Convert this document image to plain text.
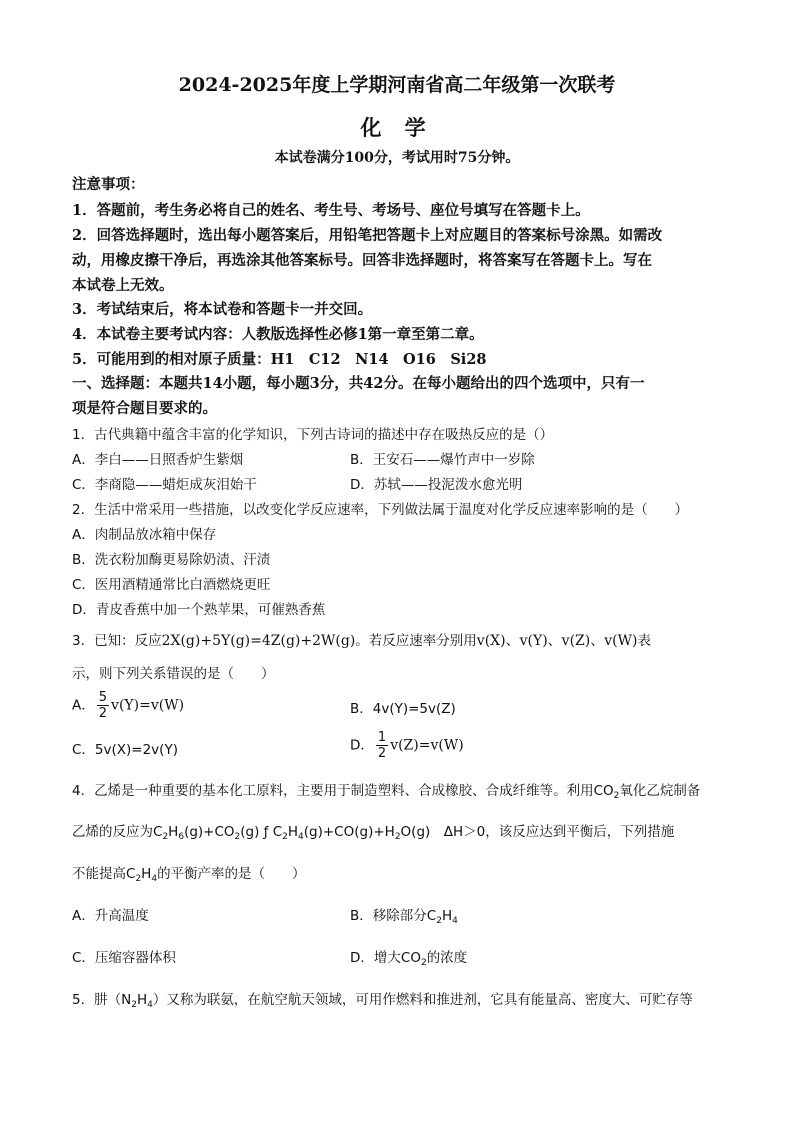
2024-2025年度上学期河南省高二年级第一次联考
化 学
本试卷满分100分，考试用时75分钟。
注意事项：
1．答题前，考生务必将自己的姓名、考生号、考场号、座位号填写在答题卡上。
2．回答选择题时，选出每小题答案后，用铅笔把答题卡上对应题目的答案标号涂黑。如需改
动，用橡皮擦干净后，再选涂其他答案标号。回答非选择题时，将答案写在答题卡上。写在
本试卷上无效。
3．考试结束后，将本试卷和答题卡一并交回。
4．本试卷主要考试内容：人教版选择性必修1第一章至第二章。
5．可能用到的相对原子质量：H1　C12　N14　O16　Si28
一、选择题：本题共14小题，每小题3分，共42分。在每小题给出的四个选项中，只有一
项是符合题目要求的。
1．古代典籍中蕴含丰富的化学知识，下列古诗词的描述中存在吸热反应的是（）
A．李白——日照香炉生紫烟	B．王安石——爆竹声中一岁除
C．李商隐——蜡炬成灰泪始干	D．苏轼——投泥泼水愈光明
2．生活中常采用一些措施，以改变化学反应速率，下列做法属于温度对化学反应速率影响的是（　　）
A．肉制品放冰箱中保存
B．洗衣粉加酶更易除奶渍、汗渍
C．医用酒精通常比白酒燃烧更旺
D．青皮香蕉中加一个熟苹果，可催熟香蕉
3．已知：反应2X(g)+5Y(g)=4Z(g)+2W(g)。若反应速率分别用v(X)、v(Y)、v(Z)、v(W)表
示，则下列关系错误的是（　　）
A． $\frac{5}{2} v(Y)=v(W)$	B．4v(Y)=5v(Z)
C．5v(X)=2v(Y)	D． $\frac{1}{2} v(Z)=v(W)$
4．乙烯是一种重要的基本化工原料，主要用于制造塑料、合成橡胶、合成纤维等。利用$CO_2$氧化乙烷制备
乙烯的反应为$C_2H_6(g)+CO_2(g)$ ƒ $C_2H_4(g)+CO(g)+H_2O(g)$　ΔH＞0，该反应达到平衡后，下列措施
不能提高$C_2H_4$的平衡产率的是（　　）
A．升高温度	B．移除部分$C_2H_4$
C．压缩容器体积	D．增大$CO_2$的浓度
5．肼$(N_2H_4)$又称为联氨，在航空航天领域，可用作燃料和推进剂，它具有能量高、密度大、可贮存等
